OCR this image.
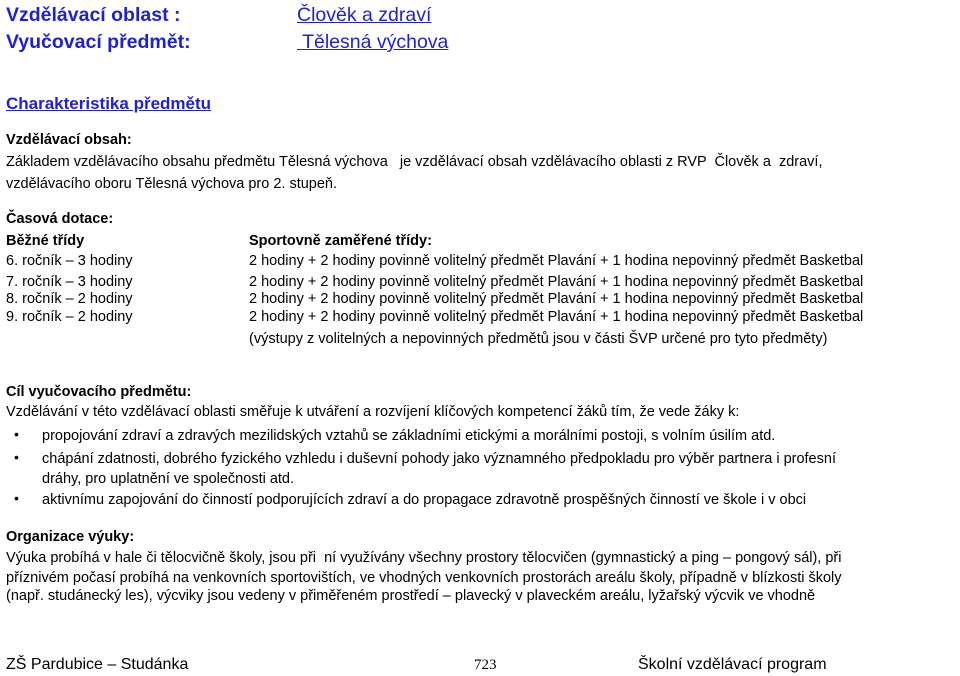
Vzdělávací oblast :	Člověk a zdraví
Vyučovací předmět:	Tělesná výchova
Charakteristika předmětu
Vzdělávací obsah:
Základem vzdělávacího obsahu předmětu Tělesná výchova   je vzdělávací obsah vzdělávacího oblasti z RVP  Člověk a  zdraví,
vzdělávacího oboru Tělesná výchova pro 2. stupeň.
Časová dotace:
Běžné třídy	Sportovně zaměřené třídy:
6. ročník – 3 hodiny	2 hodiny + 2 hodiny povinně volitelný předmět Plavání + 1 hodina nepovinný předmět Basketbal
7. ročník – 3 hodiny	2 hodiny + 2 hodiny povinně volitelný předmět Plavání + 1 hodina nepovinný předmět Basketbal
8. ročník – 2 hodiny	2 hodiny + 2 hodiny povinně volitelný předmět Plavání + 1 hodina nepovinný předmět Basketbal
9. ročník – 2 hodiny	2 hodiny + 2 hodiny povinně volitelný předmět Plavání + 1 hodina nepovinný předmět Basketbal
(výstupy z volitelných a nepovinných předmětů jsou v části ŠVP určené pro tyto předměty)
Cíl vyučovacího předmětu:
Vzdělávání v této vzdělávací oblasti směřuje k utváření a rozvíjení klíčových kompetencí žáků tím, že vede žáky k:
• propojování zdraví a zdravých mezilidských vztahů se základními etickými a morálními postoji, s volním úsilím atd.
• chápání zdatnosti, dobrého fyzického vzhledu i duševní pohody jako významného předpokladu pro výběr partnera i profesní
dráhy, pro uplatnění ve společnosti atd.
• aktivnímu zapojování do činností podporujících zdraví a do propagace zdravotně prospěšných činností ve škole i v obci
Organizace výuky:
Výuka probíhá v hale či tělocvičně školy, jsou při  ní využívány všechny prostory tělocvičen (gymnastický a ping – pongový sál), při
příznivém počasí probíhá na venkovních sportovištích, ve vhodných venkovních prostorách areálu školy, případně v blízkosti školy
(např. studánecký les), výcviky jsou vedeny v přiměřeném prostředí – plavecký v plaveckém areálu, lyžařský výcvik ve vhodně
ZŠ Pardubice – Studánka	723	Školní vzdělávací program
